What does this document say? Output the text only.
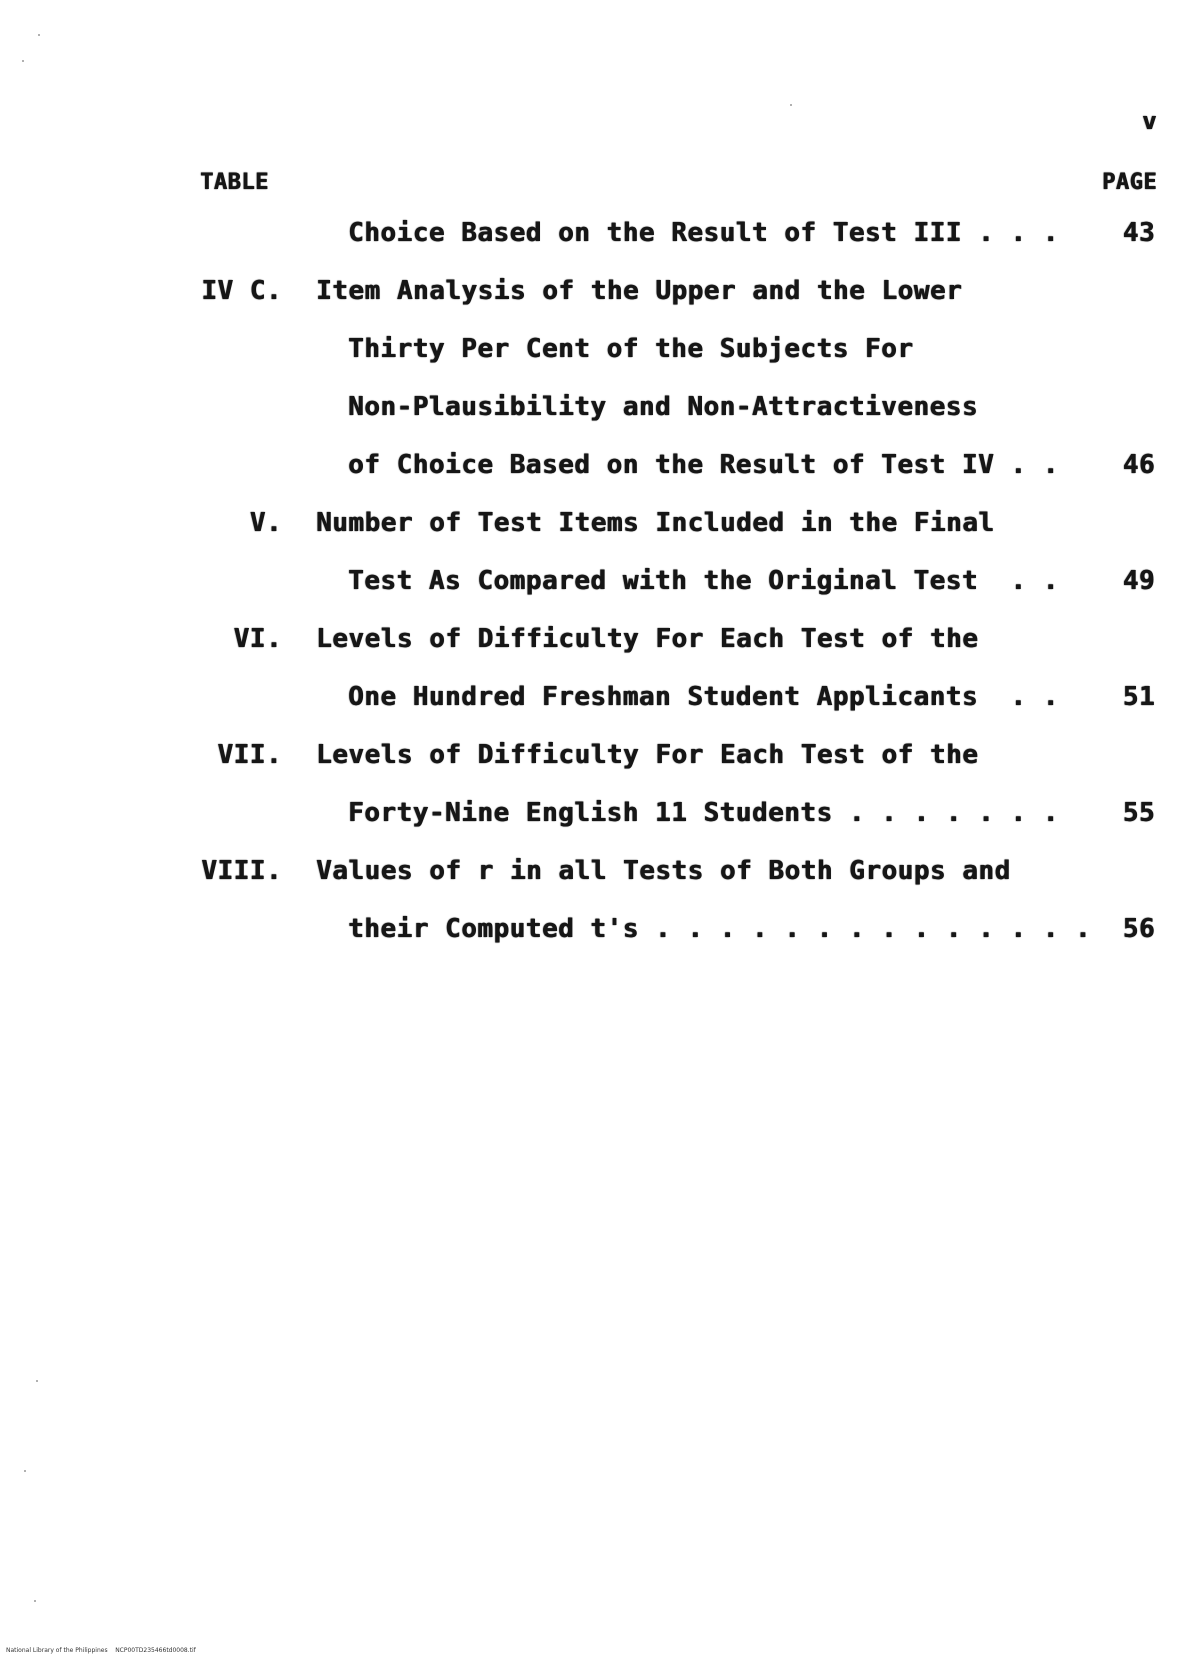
v
TABLE	PAGE
Choice Based on the Result of Test III . . . 43
IV C. Item Analysis of the Upper and the Lower
Thirty Per Cent of the Subjects For
Non-Plausibility and Non-Attractiveness
of Choice Based on the Result of Test IV . . 46
V. Number of Test Items Included in the Final
Test As Compared with the Original Test  . . 49
VI. Levels of Difficulty For Each Test of the
One Hundred Freshman Student Applicants  . . 51
VII. Levels of Difficulty For Each Test of the
Forty-Nine English 11 Students . . . . . . . 55
VIII. Values of r in all Tests of Both Groups and
their Computed t's . . . . . . . . . . . . . . 56
National Library of the Philippines    NCP00TD235466td0008.tif
